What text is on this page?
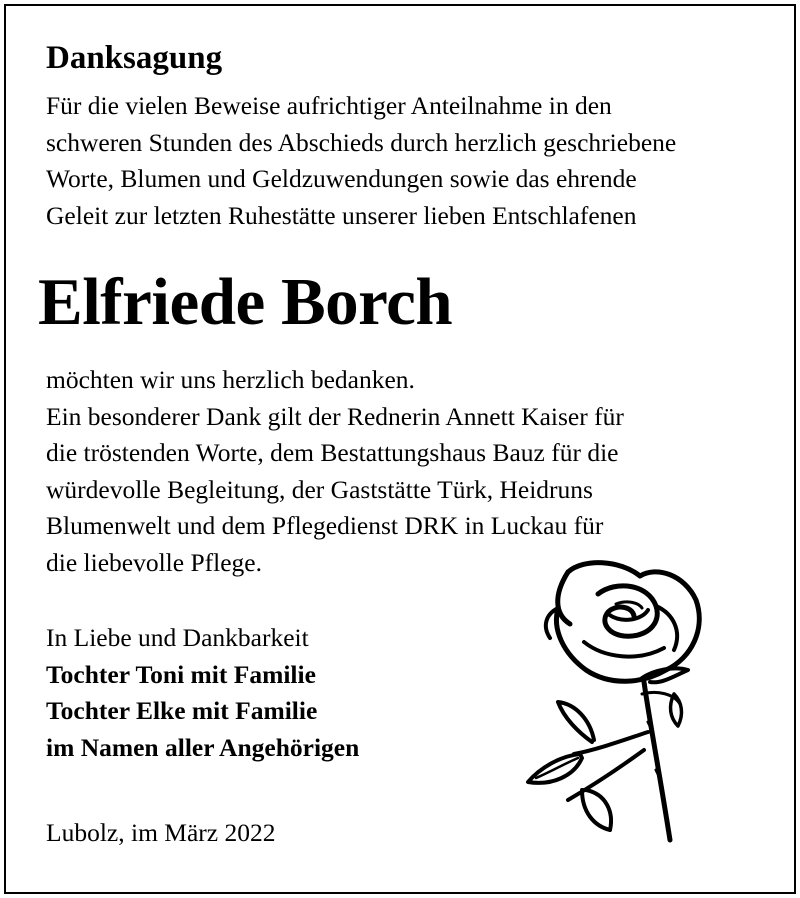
Danksagung
Für die vielen Beweise aufrichtiger Anteilnahme in den
schweren Stunden des Abschieds durch herzlich geschriebene
Worte, Blumen und Geldzuwendungen sowie das ehrende
Geleit zur letzten Ruhestätte unserer lieben Entschlafenen
Elfriede Borch
möchten wir uns herzlich bedanken.
Ein besonderer Dank gilt der Rednerin Annett Kaiser für
die tröstenden Worte, dem Bestattungshaus Bauz für die
würdevolle Begleitung, der Gaststätte Türk, Heidruns
Blumenwelt und dem Pflegedienst DRK in Luckau für
die liebevolle Pflege.
In Liebe und Dankbarkeit
Tochter Toni mit Familie
Tochter Elke mit Familie
im Namen aller Angehörigen
Lubolz, im März 2022
